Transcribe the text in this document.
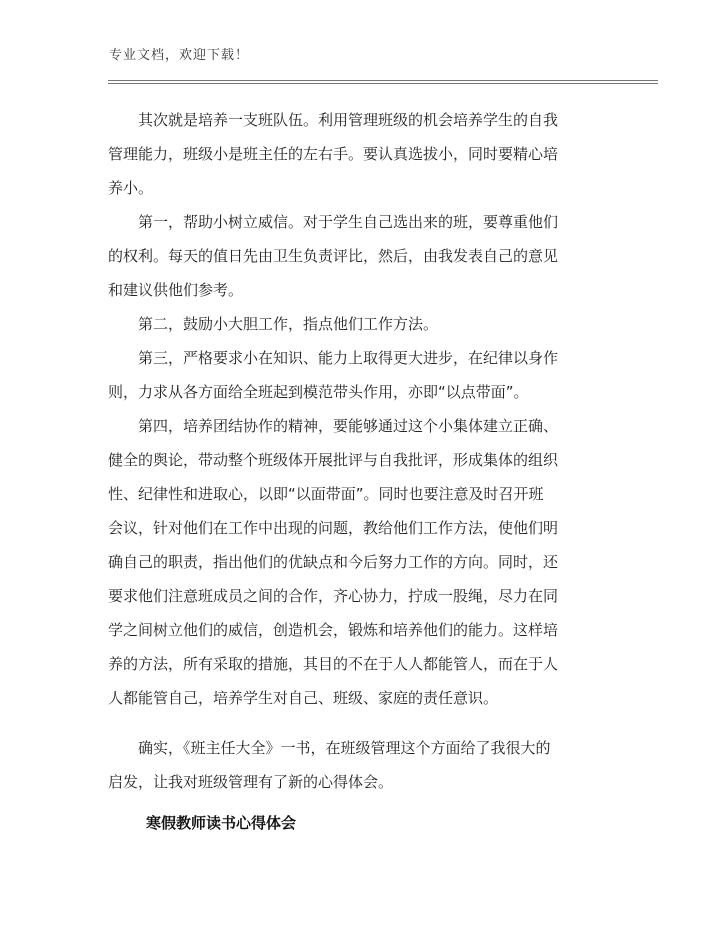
专业文档，欢迎下载！
　　其次就是培养一支班队伍。利用管理班级的机会培养学生的自我
管理能力，班级小是班主任的左右手。要认真选拔小，同时要精心培
养小。
　　第一，帮助小树立威信。对于学生自己选出来的班，要尊重他们
的权利。每天的值日先由卫生负责评比，然后，由我发表自己的意见
和建议供他们参考。
　　第二，鼓励小大胆工作，指点他们工作方法。
　　第三，严格要求小在知识、能力上取得更大进步，在纪律以身作
则，力求从各方面给全班起到模范带头作用，亦即“以点带面”。
　　第四，培养团结协作的精神，要能够通过这个小集体建立正确、
健全的舆论，带动整个班级体开展批评与自我批评，形成集体的组织
性、纪律性和进取心，以即“以面带面”。同时也要注意及时召开班
会议，针对他们在工作中出现的问题，教给他们工作方法，使他们明
确自己的职责，指出他们的优缺点和今后努力工作的方向。同时，还
要求他们注意班成员之间的合作，齐心协力，拧成一股绳，尽力在同
学之间树立他们的威信，创造机会，锻炼和培养他们的能力。这样培
养的方法，所有采取的措施，其目的不在于人人都能管人，而在于人
人都能管自己，培养学生对自己、班级、家庭的责任意识。
　　确实，《班主任大全》一书，在班级管理这个方面给了我很大的
启发，让我对班级管理有了新的心得体会。
寒假教师读书心得体会
